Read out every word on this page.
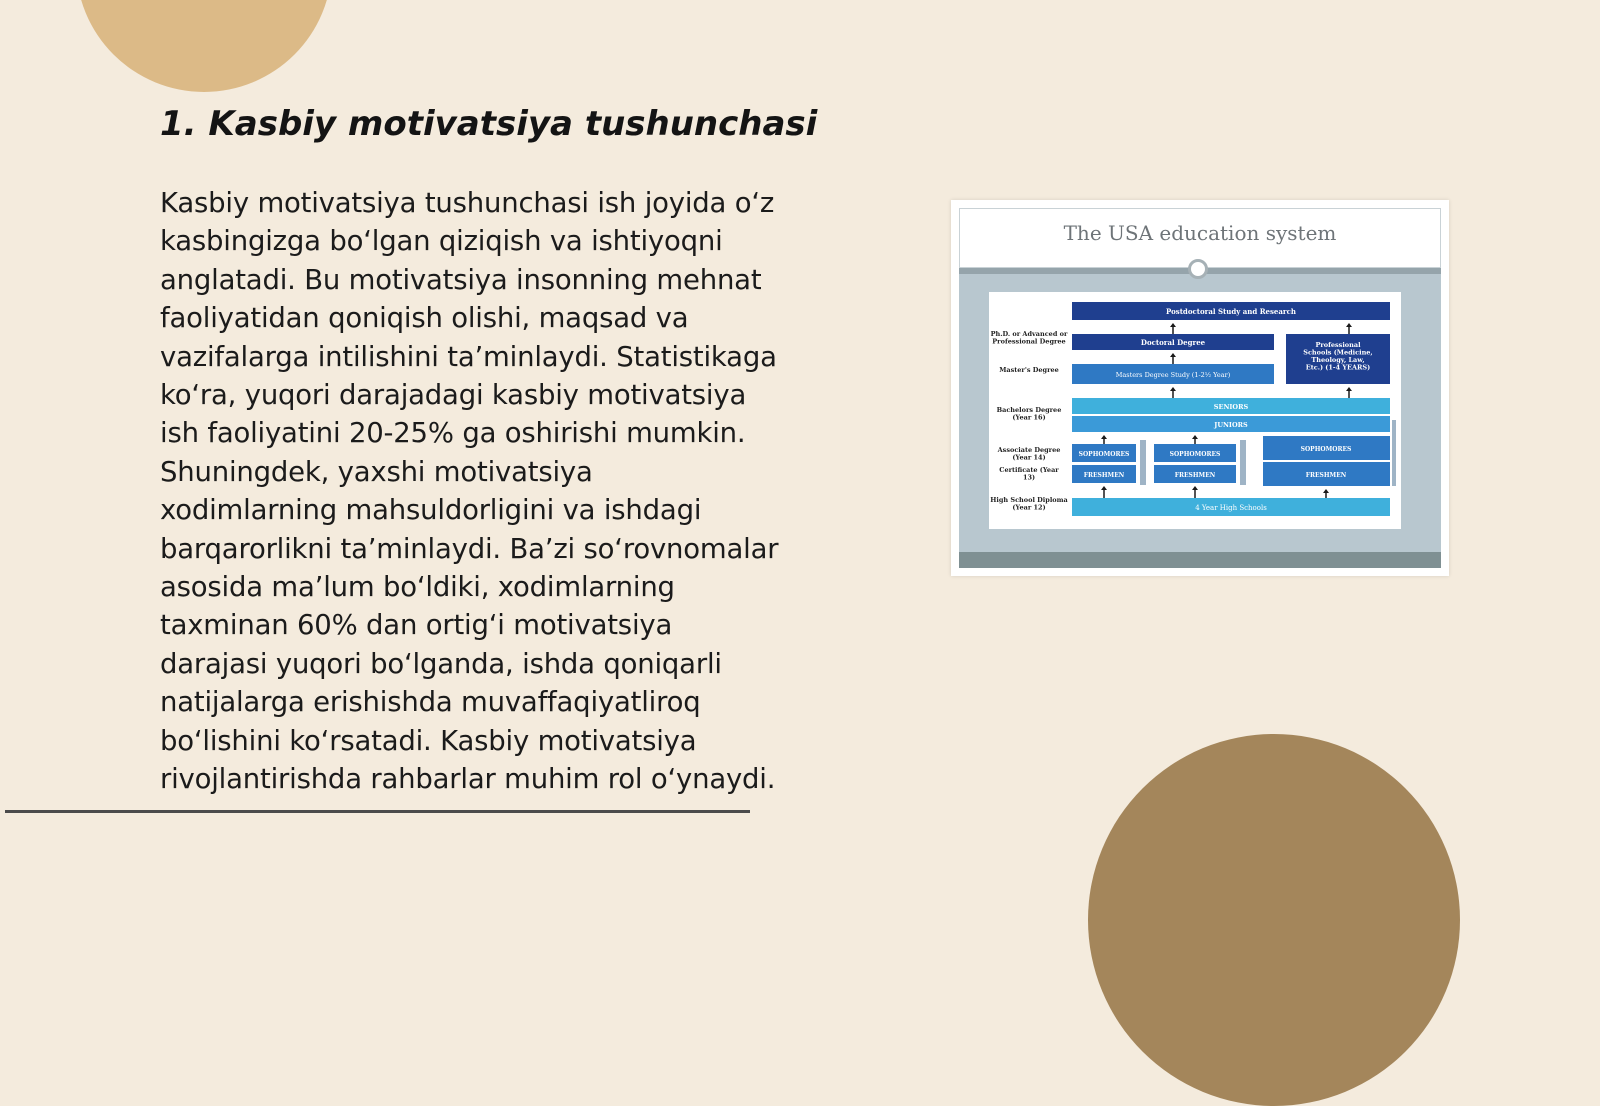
1. Kasbiy motivatsiya tushunchasi
Kasbiy motivatsiya tushunchasi ish joyida o‘z
kasbingizga bo‘lgan qiziqish va ishtiyoqni
anglatadi. Bu motivatsiya insonning mehnat
faoliyatidan qoniqish olishi, maqsad va
vazifalarga intilishini ta’minlaydi. Statistikaga
ko‘ra, yuqori darajadagi kasbiy motivatsiya
ish faoliyatini 20-25% ga oshirishi mumkin.
Shuningdek, yaxshi motivatsiya
xodimlarning mahsuldorligini va ishdagi
barqarorlikni ta’minlaydi. Ba’zi so‘rovnomalar
asosida ma’lum bo‘ldiki, xodimlarning
taxminan 60% dan ortig‘i motivatsiya
darajasi yuqori bo‘lganda, ishda qoniqarli
natijalarga erishishda muvaffaqiyatliroq
bo‘lishini ko‘rsatadi. Kasbiy motivatsiya
rivojlantirishda rahbarlar muhim rol o‘ynaydi.
The USA education system
Ph.D. or Advanced or Professional Degree
Master's Degree
Bachelors Degree (Year 16)
Associate Degree (Year 14)
Certificate (Year 13)
High School Diploma (Year 12)
Postdoctoral Study and Research
Doctoral Degree	Professional Schools (Medicine, Theology, Law, Etc.) (1-4 YEARS)
Masters Degree Study (1-2½ Year)
SENIORS
JUNIORS
SOPHOMORES
FRESHMEN
SOPHOMORES
FRESHMEN
SOPHOMORES
FRESHMEN
4 Year High Schools
